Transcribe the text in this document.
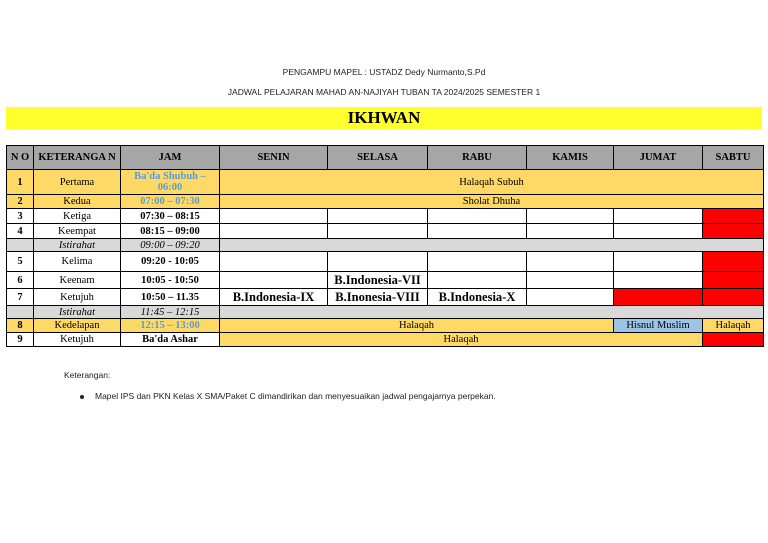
PENGAMPU MAPEL : USTADZ Dedy Nurmanto,S.Pd
JADWAL PELAJARAN MAHAD AN-NAJIYAH TUBAN TA 2024/2025 SEMESTER 1
IKHWAN
N O	KETERANGA N	JAM	SENIN	SELASA	RABU	KAMIS	JUMAT	SABTU
1	Pertama	Ba'da Shubuh – 06:00	Halaqah Subuh					
2	Kedua	07:00 – 07:30	Sholat Dhuha					
3	Ketiga	07:30 – 08:15						
4	Keempat	08:15 – 09:00						
	Istirahat	09:00 – 09:20						
5	Kelima	09:20 - 10:05						
6	Keenam	10:05 - 10:50		B.Indonesia-VII				
7	Ketujuh	10:50 – 11.35	B.Indonesia-IX	B.Inonesia-VIII	B.Indonesia-X			
	Istirahat	11:45 – 12:15						
8	Kedelapan	12:15 – 13:00	Halaqah				Hisnul Muslim	Halaqah
9	Ketujuh	Ba'da Ashar	Halaqah					
Keterangan:
Mapel IPS dan PKN Kelas X SMA/Paket C dimandirikan dan menyesuaikan jadwal pengajarnya perpekan.
